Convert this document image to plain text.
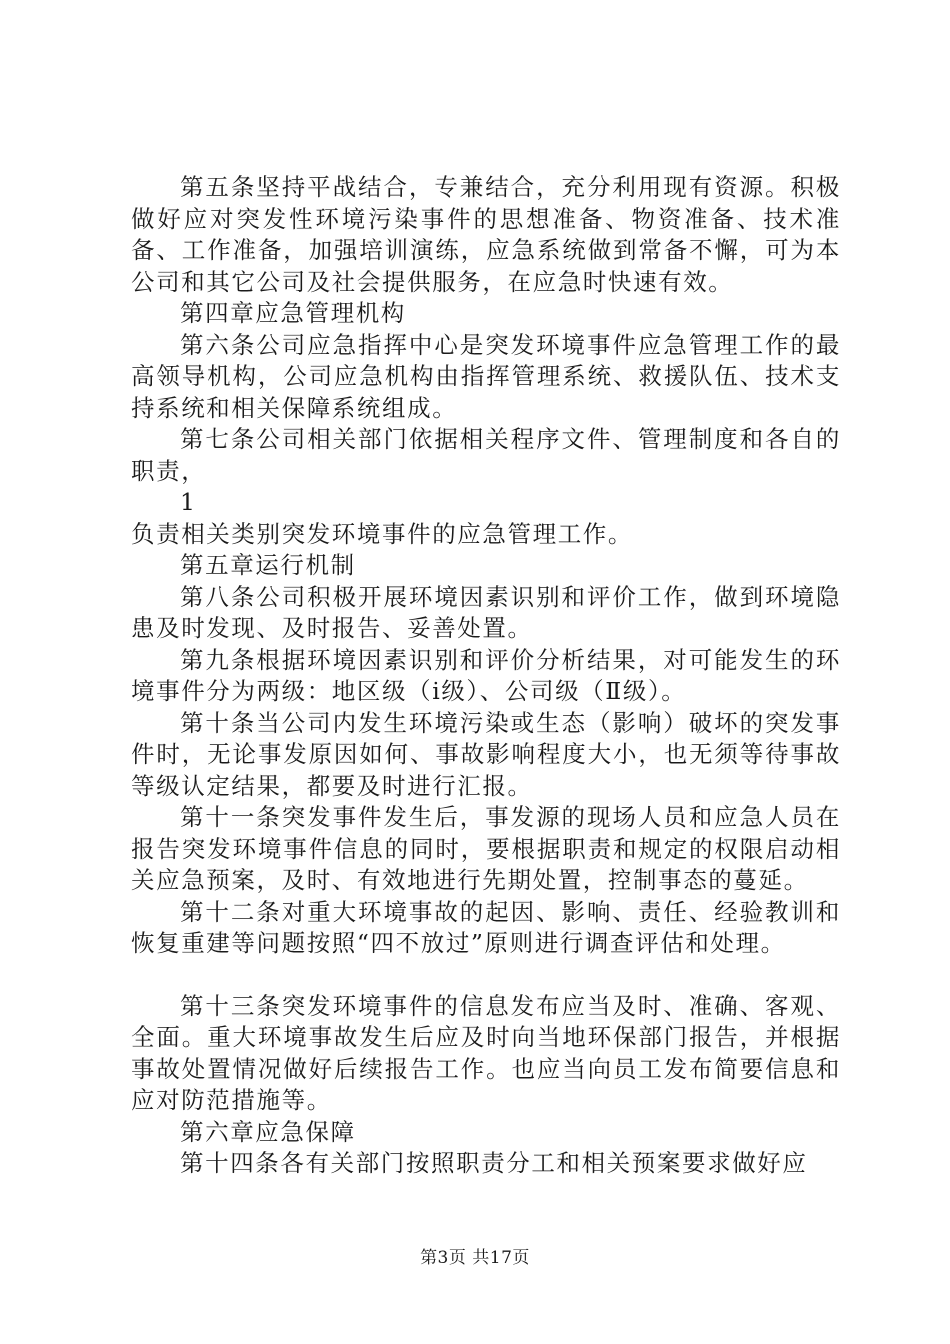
第五条坚持平战结合，专兼结合，充分利用现有资源。积极做好应对突发性环境污染事件的思想准备、物资准备、技术准备、工作准备，加强培训演练，应急系统做到常备不懈，可为本公司和其它公司及社会提供服务，在应急时快速有效。

第四章应急管理机构

第六条公司应急指挥中心是突发环境事件应急管理工作的最高领导机构，公司应急机构由指挥管理系统、救援队伍、技术支持系统和相关保障系统组成。

第七条公司相关部门依据相关程序文件、管理制度和各自的职责，

1

负责相关类别突发环境事件的应急管理工作。

第五章运行机制

第八条公司积极开展环境因素识别和评价工作，做到环境隐患及时发现、及时报告、妥善处置。

第九条根据环境因素识别和评价分析结果，对可能发生的环境事件分为两级：地区级（ⅰ级）、公司级（Ⅱ级）。

第十条当公司内发生环境污染或生态（影响）破坏的突发事件时，无论事发原因如何、事故影响程度大小，也无须等待事故等级认定结果，都要及时进行汇报。

第十一条突发事件发生后，事发源的现场人员和应急人员在报告突发环境事件信息的同时，要根据职责和规定的权限启动相关应急预案，及时、有效地进行先期处置，控制事态的蔓延。

第十二条对重大环境事故的起因、影响、责任、经验教训和恢复重建等问题按照“四不放过”原则进行调查评估和处理。

第十三条突发环境事件的信息发布应当及时、准确、客观、全面。重大环境事故发生后应及时向当地环保部门报告，并根据事故处置情况做好后续报告工作。也应当向员工发布简要信息和应对防范措施等。

第六章应急保障

第十四条各有关部门按照职责分工和相关预案要求做好应

第3页 共17页
